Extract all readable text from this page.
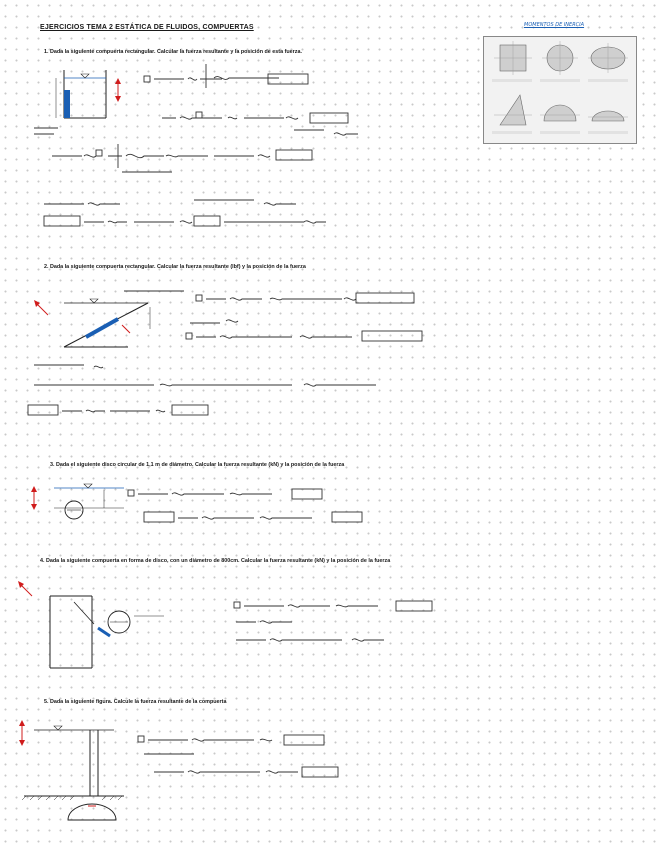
EJERCICIOS TEMA 2 ESTÁTICA DE FLUIDOS, COMPUERTAS	MOMENTOS DE INERCIA
1. Dada la siguiente compuerta rectangular. Calcular la fuerza resultante y la posición de esta fuerza.
2. Dada la siguiente compuerta rectangular. Calcular la fuerza resultante (lbf) y la posición de la fuerza
3. Dada el siguiente disco circular de 1,1 m de diámetro. Calcular la fuerza resultante (kN) y la posición de la fuerza
4. Dada la siguiente compuerta en forma de disco, con un diámetro de 800cm. Calcular la fuerza resultante (kN) y la posición de la fuerza
5. Dada la siguiente figura. Calcule la fuerza resultante de la compuerta
